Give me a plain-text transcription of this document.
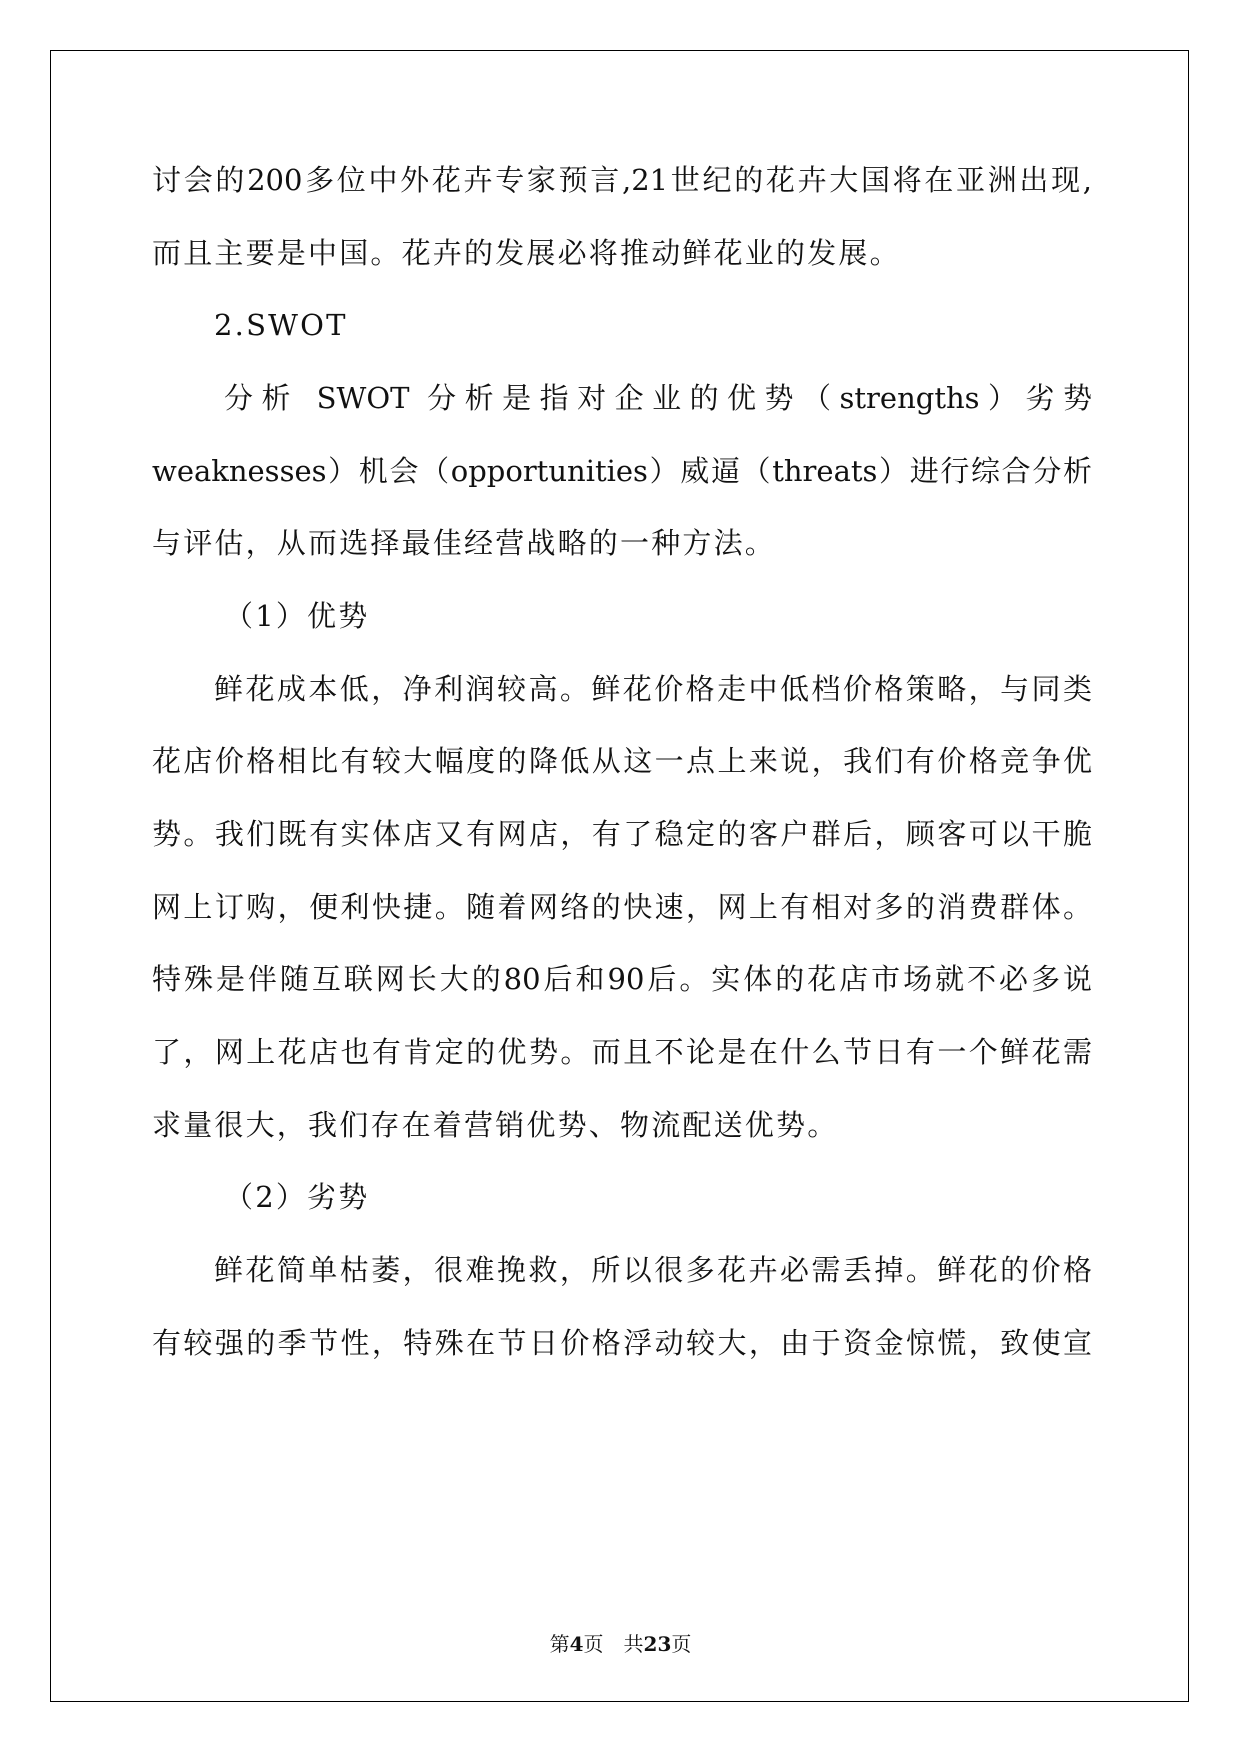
讨会的200多位中外花卉专家预言,21世纪的花卉大国将在亚洲出现,
而且主要是中国。花卉的发展必将推动鲜花业的发展。
2.SWOT
分析 SWOT 分析是指对企业的优势（strengths）劣势
weaknesses）机会（opportunities）威逼（threats）进行综合分析
与评估，从而选择最佳经营战略的一种方法。
（1）优势
鲜花成本低，净利润较高。鲜花价格走中低档价格策略，与同类
花店价格相比有较大幅度的降低从这一点上来说，我们有价格竞争优
势。我们既有实体店又有网店，有了稳定的客户群后，顾客可以干脆
网上订购，便利快捷。随着网络的快速，网上有相对多的消费群体。
特殊是伴随互联网长大的80后和90后。实体的花店市场就不必多说
了，网上花店也有肯定的优势。而且不论是在什么节日有一个鲜花需
求量很大，我们存在着营销优势、物流配送优势。
（2）劣势
鲜花简单枯萎，很难挽救，所以很多花卉必需丢掉。鲜花的价格
有较强的季节性，特殊在节日价格浮动较大，由于资金惊慌，致使宣
第4页 共23页
